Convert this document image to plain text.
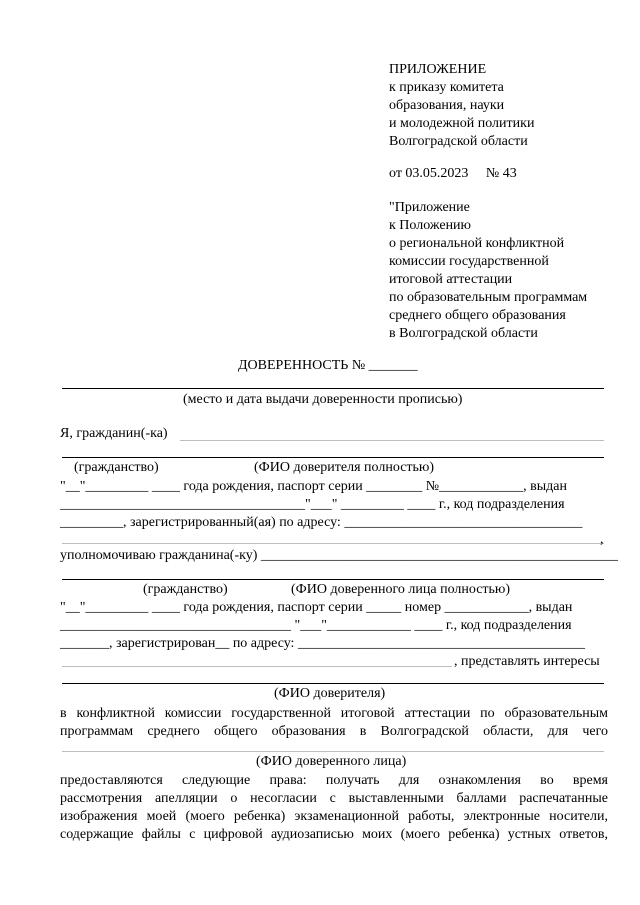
ПРИЛОЖЕНИЕ
к приказу комитета
образования, науки
и молодежной политики
Волгоградской области
от 03.05.2023     № 43
"Приложение
к Положению
о региональной конфликтной
комиссии государственной
итоговой аттестации
по образовательным программам
среднего общего образования
в Волгоградской области
ДОВЕРЕННОСТЬ № _______
(место и дата выдачи доверенности прописью)
Я, гражданин(-ка)
(гражданство)	(ФИО доверителя полностью)
"__"_________ ____ года рождения, паспорт серии ________ №____________, выдан
___________________________________"___" _________ ____ г., код подразделения
_________, зарегистрированный(ая) по адресу: __________________________________
,
уполномочиваю гражданина(-ку) ___________________________________________________
(гражданство)	(ФИО доверенного лица полностью)
"__"_________ ____ года рождения, паспорт серии _____ номер ____________, выдан
_________________________________ "___"____________ ____ г., код подразделения
_______, зарегистрирован__ по адресу: _________________________________________
, представлять интересы
(ФИО доверителя)
в конфликтной комиссии государственной итоговой аттестации по образовательным
программам среднего общего образования в Волгоградской области, для чего
(ФИО доверенного лица)
предоставляются следующие права: получать для ознакомления во время
рассмотрения апелляции о несогласии с выставленными баллами распечатанные
изображения моей (моего ребенка) экзаменационной работы, электронные носители,
содержащие файлы с цифровой аудиозаписью моих (моего ребенка) устных ответов,
